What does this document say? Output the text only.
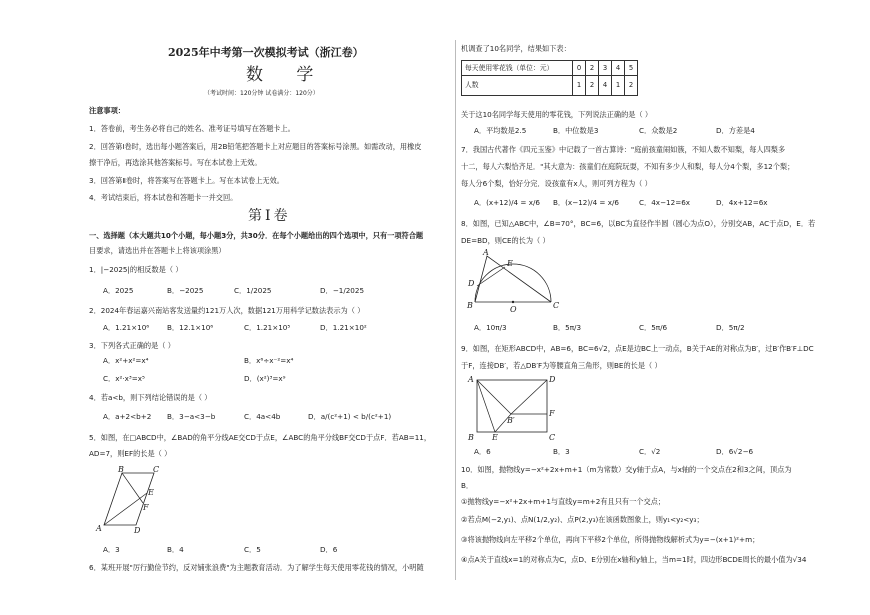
2025年中考第一次模拟考试（浙江卷）
数 学
（考试时间：120分钟 试卷满分：120分）
注意事项：
1．答卷前，考生务必将自己的姓名、准考证号填写在答题卡上。
2．回答第Ⅰ卷时，选出每小题答案后，用2B铅笔把答题卡上对应题目的答案标号涂黑。如需改动，用橡皮
擦干净后，再选涂其他答案标号。写在本试卷上无效。
3．回答第Ⅱ卷时，将答案写在答题卡上。写在本试卷上无效。
4．考试结束后，将本试卷和答题卡一并交回。
第Ⅰ卷
一、选择题（本大题共10个小题，每小题3分，共30分．在每个小题给出的四个选项中，只有一项符合题
目要求，请选出并在答题卡上将该项涂黑）
1．|−2025|的相反数是（ ）
A．2025	B．−2025	C．1/2025	D．−1/2025
2．2024年春运嘉兴南站客发送量约121万人次，数据121万用科学记数法表示为（ ）
A．1.21×10⁶ B．12.1×10⁶	C．1.21×10⁵	D．1.21×10²
3．下列各式正确的是（ ）
A．x²+x²=x⁴	B．x⁶÷x⁻²=x⁴
C．x²·x³=x⁵	D．(x²)³=x⁹
4．若a<b，则下列结论错误的是（ ）
A．a+2<b+2 B．3−a<3−b	C．4a<4b	D．a/(c²+1) < b/(c²+1)
5．如图，在□ABCD中，∠BAD的角平分线AE交CD于点E，∠ABC的角平分线BF交CD于点F．若AB=11，
AD=7，则EF的长是（ ）
B	C
E
F
A	D
A．3	B．4	C．5	D．6
6．某班开展"厉行勤俭节约，反对铺张浪费"为主题教育活动．为了解学生每天使用零花钱的情况，小明随
机调查了10名同学，结果如下表：
每天使用零花钱（单位：元）	0	2	3	4	5
人数	1	2	4	1	2
关于这10名同学每天使用的零花钱，下列说法正确的是（ ）
A．平均数是2.5	B．中位数是3	C．众数是2	D．方差是4
7．我国古代著作《四元玉鉴》中记载了一首古算诗："庭前孩童闹如簇，不知人数不知梨，每人四梨多
十二，每人六梨恰齐足．"其大意为：孩童们在庭院玩耍，不知有多少人和梨，每人分4个梨，多12个梨；
每人分6个梨，恰好分完．设孩童有x人，则可列方程为（ ）
A．(x+12)/4 = x/6 B．(x−12)/4 = x/6	C．4x−12=6x	D．4x+12=6x
8．如图，已知△ABC中，∠B=70°，BC=6，以BC为直径作半圆（圆心为点O），分别交AB，AC于点D，E．若
DE=BD，则CE的长为（ ）
A
E
D
B	O	C
A．10π/3	B．5π/3	C．5π/6	D．5π/2
9．如图，在矩形ABCD中，AB=6，BC=6√2，点E是边BC上一动点，B关于AE的对称点为B′，过B′作B′F⊥DC
于F，连接DB′，若△DB′F为等腰直角三角形，则BE的长是（ ）
A	D
F
B′
B E	C
A．6	B．3	C．√2	D．6√2−6
10．如图，抛物线y=−x²+2x+m+1（m为常数）交y轴于点A，与x轴的一个交点在2和3之间，顶点为
B．
①抛物线y=−x²+2x+m+1与直线y=m+2有且只有一个交点；
②若点M(−2,y₁)、点N(1/2,y₂)、点P(2,y₃)在该函数图象上，则y₁<y₂<y₃；
③将该抛物线向左平移2个单位，再向下平移2个单位，所得抛物线解析式为y=−(x+1)²+m；
④点A关于直线x=1的对称点为C，点D、E分别在x轴和y轴上，当m=1时，四边形BCDE周长的最小值为√34
